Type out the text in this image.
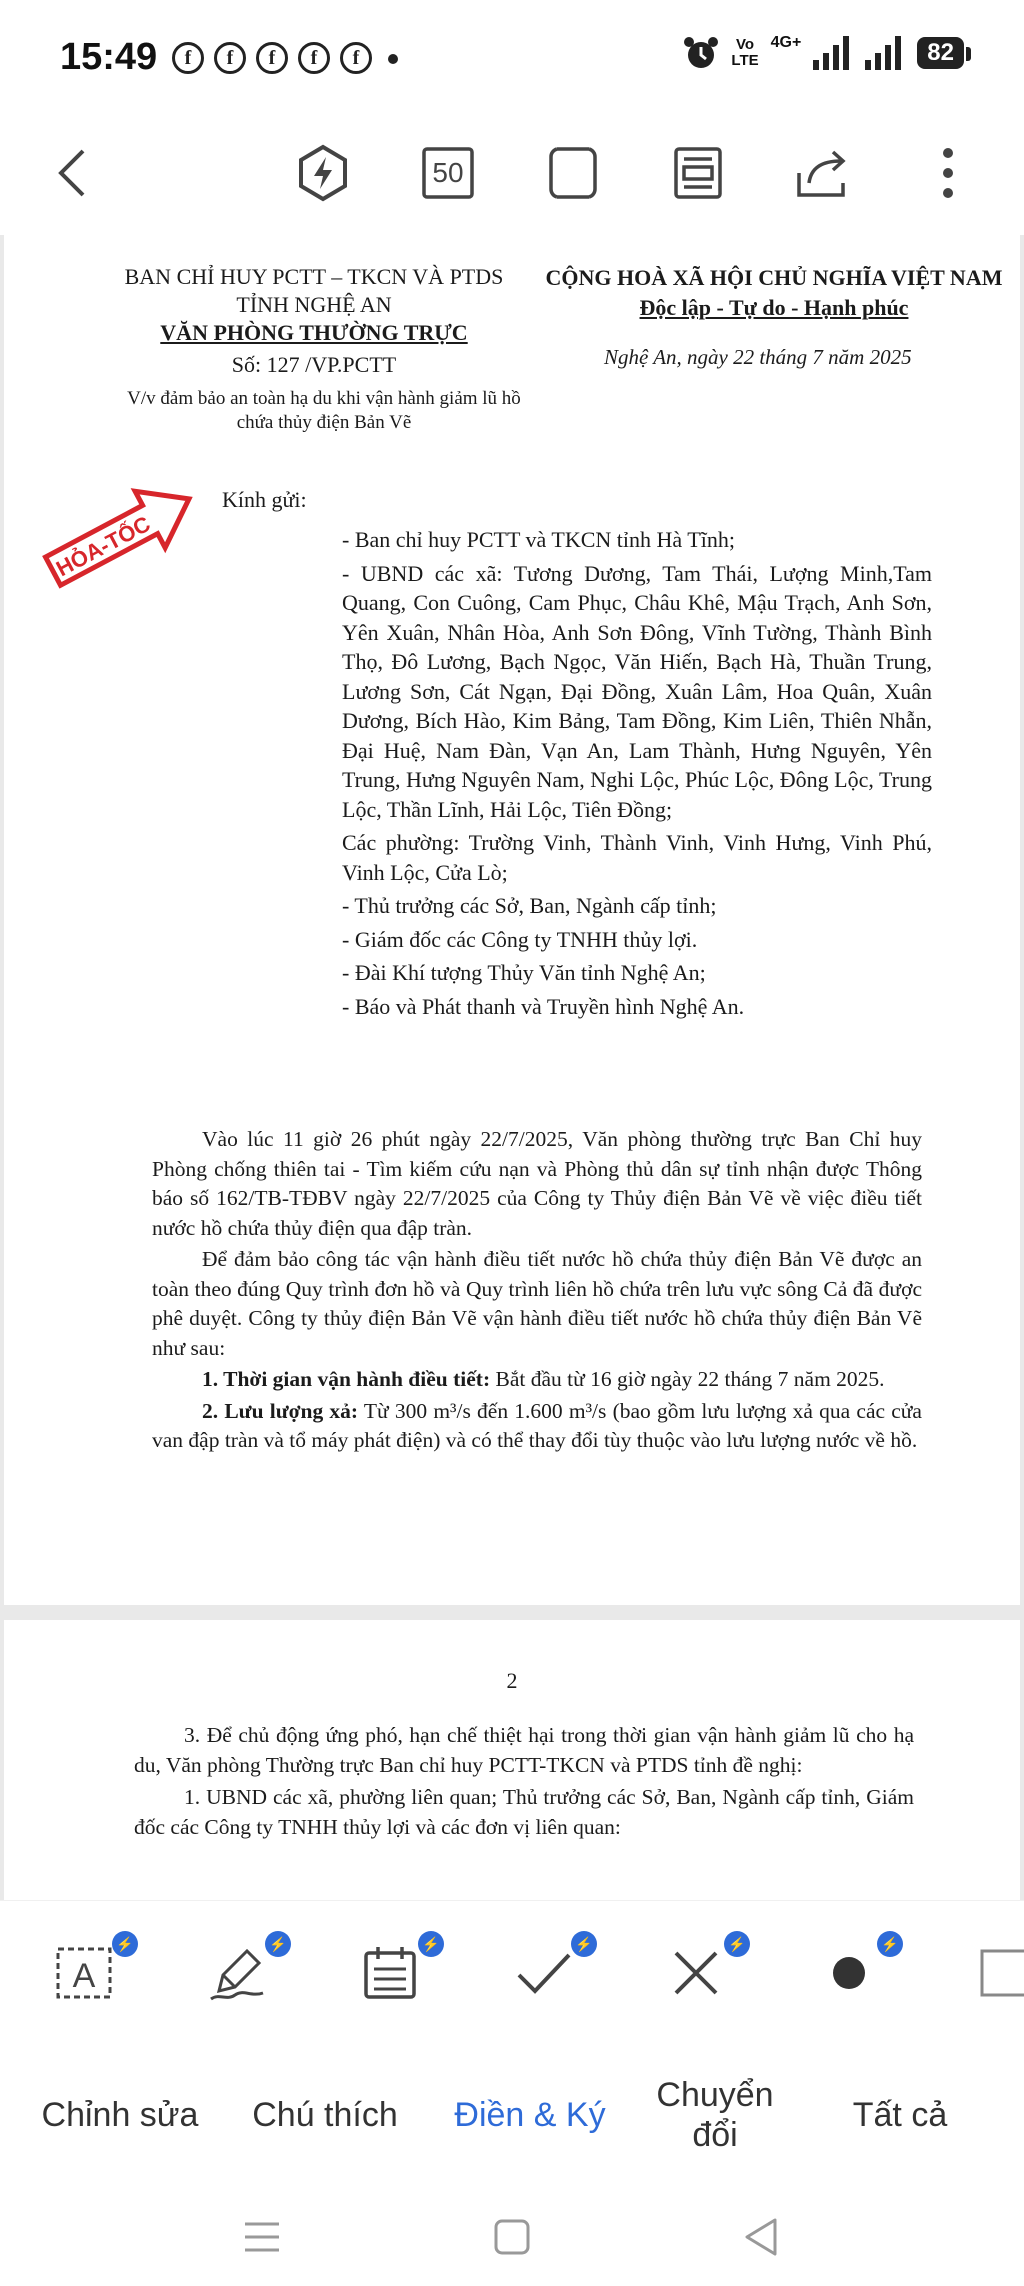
15:49	f	f	f	f	f
Vo
LTE
4G+	82
50
BAN CHỈ HUY PCTT – TKCN VÀ PTDS
TỈNH NGHỆ AN
VĂN PHÒNG THƯỜNG TRỰC
Số: 127 /VP.PCTT
CỘNG HOÀ XÃ HỘI CHỦ NGHĨA VIỆT NAM
Độc lập - Tự do - Hạnh phúc
Nghệ An, ngày 22 tháng 7 năm 2025
V/v đảm bảo an toàn hạ du khi vận hành giảm lũ hồ chứa thủy điện Bản Vẽ
HỎA-TỐC
Kính gửi:

- Ban chỉ huy PCTT và TKCN tỉnh Hà Tĩnh;

- UBND các xã: Tương Dương, Tam Thái, Lượng Minh,Tam Quang, Con Cuông, Cam Phục, Châu Khê, Mậu Trạch, Anh Sơn, Yên Xuân, Nhân Hòa, Anh Sơn Đông, Vĩnh Tường, Thành Bình Thọ, Đô Lương, Bạch Ngọc, Văn Hiến, Bạch Hà, Thuần Trung, Lương Sơn, Cát Ngạn, Đại Đồng, Xuân Lâm, Hoa Quân, Xuân Dương, Bích Hào, Kim Bảng, Tam Đồng, Kim Liên, Thiên Nhẫn, Đại Huệ, Nam Đàn, Vạn An, Lam Thành, Hưng Nguyên, Yên Trung, Hưng Nguyên Nam, Nghi Lộc, Phúc Lộc, Đông Lộc, Trung Lộc, Thần Lĩnh, Hải Lộc, Tiên Đồng;

Các phường: Trường Vinh, Thành Vinh, Vinh Hưng, Vinh Phú, Vinh Lộc, Cửa Lò;

- Thủ trưởng các Sở, Ban, Ngành cấp tỉnh;

- Giám đốc các Công ty TNHH thủy lợi.

- Đài Khí tượng Thủy Văn tỉnh Nghệ An;

- Báo và Phát thanh và Truyền hình Nghệ An.

Vào lúc 11 giờ 26 phút ngày 22/7/2025, Văn phòng thường trực Ban Chỉ huy Phòng chống thiên tai - Tìm kiếm cứu nạn và Phòng thủ dân sự tỉnh nhận được Thông báo số 162/TB-TĐBV ngày 22/7/2025 của Công ty Thủy điện Bản Vẽ về việc điều tiết nước hồ chứa thủy điện qua đập tràn.

Để đảm bảo công tác vận hành điều tiết nước hồ chứa thủy điện Bản Vẽ được an toàn theo đúng Quy trình đơn hồ và Quy trình liên hồ chứa trên lưu vực sông Cả đã được phê duyệt. Công ty thủy điện Bản Vẽ vận hành điều tiết nước hồ chứa thủy điện Bản Vẽ như sau:

1. Thời gian vận hành điều tiết: Bắt đầu từ 16 giờ ngày 22 tháng 7 năm 2025.

2. Lưu lượng xả: Từ 300 m³/s đến 1.600 m³/s (bao gồm lưu lượng xả qua các cửa van đập tràn và tổ máy phát điện) và có thể thay đổi tùy thuộc vào lưu lượng nước về hồ.

2

3. Để chủ động ứng phó, hạn chế thiệt hại trong thời gian vận hành giảm lũ cho hạ du, Văn phòng Thường trực Ban chỉ huy PCTT-TKCN và PTDS tỉnh đề nghị:

1. UBND các xã, phường liên quan; Thủ trưởng các Sở, Ban, Ngành cấp tỉnh, Giám đốc các Công ty TNHH thủy lợi và các đơn vị liên quan:

A
⚡	⚡	⚡	⚡	⚡	⚡
Chỉnh sửa	Chú thích	Điền & Ký
Chuyển đổi
Tất cả
